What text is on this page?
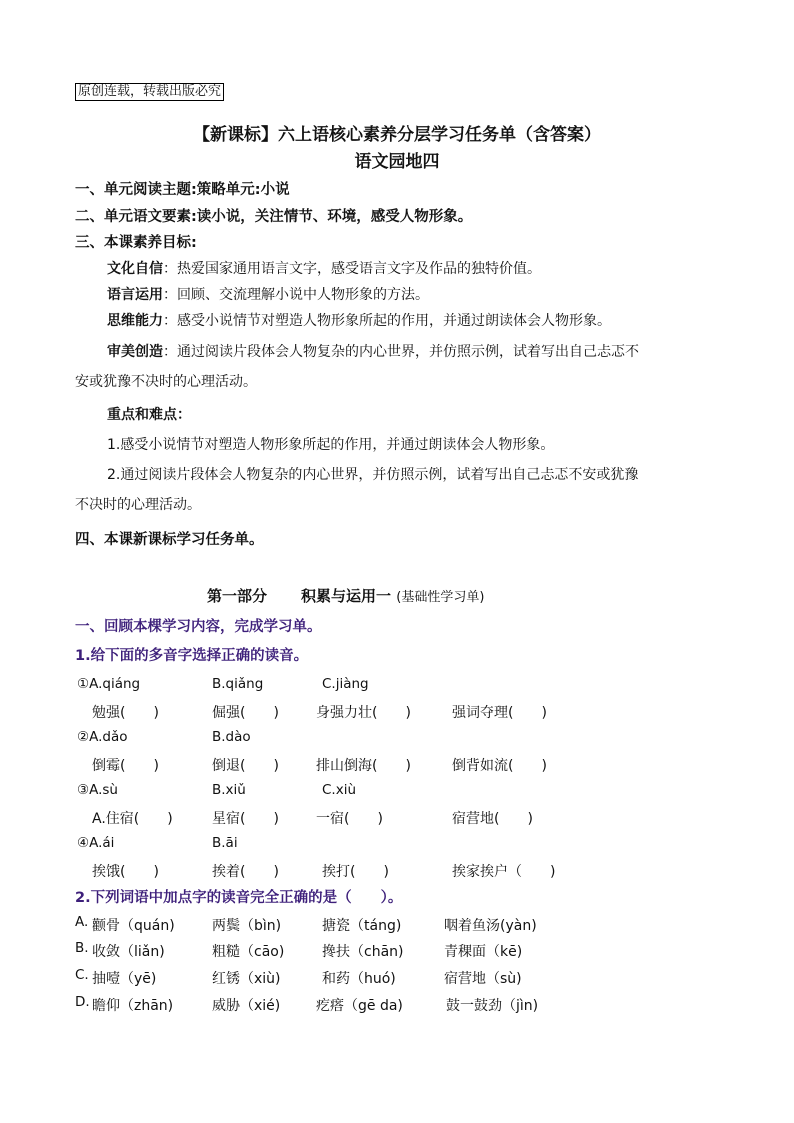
原创连载，转载出版必究
【新课标】六上语核心素养分层学习任务单（含答案）
语文园地四
一、单元阅读主题:策略单元:小说
二、单元语文要素:读小说，关注情节、环境，感受人物形象。
三、本课素养目标:
文化自信：热爱国家通用语言文字，感受语言文字及作品的独特价值。
语言运用：回顾、交流理解小说中人物形象的方法。
思维能力：感受小说情节对塑造人物形象所起的作用，并通过朗读体会人物形象。
审美创造：通过阅读片段体会人物复杂的内心世界，并仿照示例，试着写出自己忐忑不
安或犹豫不决时的心理活动。
重点和难点：
1.感受小说情节对塑造人物形象所起的作用，并通过朗读体会人物形象。
2.通过阅读片段体会人物复杂的内心世界，并仿照示例，试着写出自己忐忑不安或犹豫
不决时的心理活动。
四、本课新课标学习任务单。
第一部分 积累与运用一 (基础性学习单)
一、回顾本棵学习内容，完成学习单。
1.给下面的多音字选择正确的读音。
①A.qiáng	B.qiǎng	C.jiàng
勉强(　　)	倔强(　　)	身强力壮(　　)	强词夺理(　　)
②A.dǎo	B.dào
倒霉(　　)	倒退(　　)	排山倒海(　　)	倒背如流(　　)
③A.sù	B.xiǔ	C.xiù
A.住宿(　　)	星宿(　　)	一宿(　　)	宿营地(　　)
④A.ái	B.āi
挨饿(　　)	挨着(　　)	挨打(　　)	挨家挨户（　　)
2.下列词语中加点字的读音完全正确的是（　　）。
A. 颧骨（quán)	两鬓（bìn)	搪瓷（táng)	咽着鱼汤(yàn)
B. 收敛（liǎn)	粗糙（cāo)	搀扶（chān)	青稞面（kē)
C. 抽噎（yē)	红锈（xiù)	和药（huó)	宿营地（sù)
D. 瞻仰（zhān)	威胁（xié)	疙瘩（gē da)	鼓一鼓劲（jìn)
